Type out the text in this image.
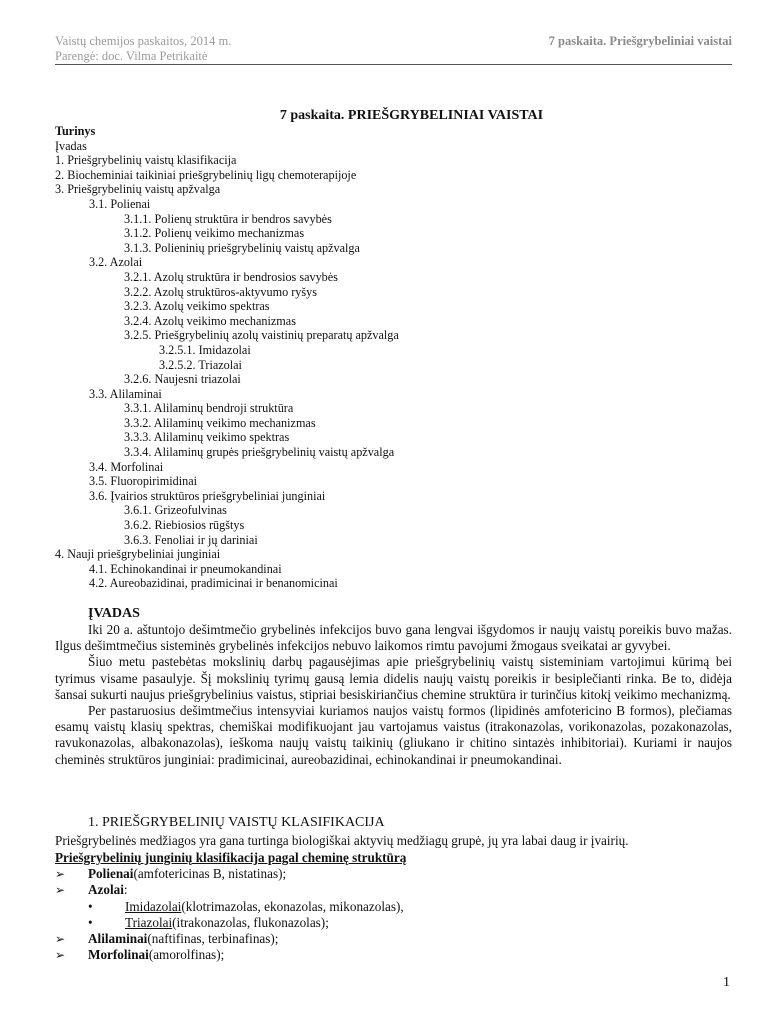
Vaistų chemijos paskaitos, 2014 m.
Parengė: doc. Vilma Petrikaitė
7 paskaita. Priešgrybeliniai vaistai
7 paskaita. PRIEŠGRYBELINIAI VAISTAI
Turinys
Įvadas
1. Priešgrybelinių vaistų klasifikacija
2. Biocheminiai taikiniai priešgrybelinių ligų chemoterapijoje
3. Priešgrybelinių vaistų apžvalga
3.1. Polienai
3.1.1. Polienų struktūra ir bendros savybės
3.1.2. Polienų veikimo mechanizmas
3.1.3. Polieninių priešgrybelinių vaistų apžvalga
3.2. Azolai
3.2.1. Azolų struktūra ir bendrosios savybės
3.2.2. Azolų struktūros-aktyvumo ryšys
3.2.3. Azolų veikimo spektras
3.2.4. Azolų veikimo mechanizmas
3.2.5. Priešgrybelinių azolų vaistinių preparatų apžvalga
3.2.5.1. Imidazolai
3.2.5.2. Triazolai
3.2.6. Naujesni triazolai
3.3. Alilaminai
3.3.1. Alilaminų bendroji struktūra
3.3.2. Alilaminų veikimo mechanizmas
3.3.3. Alilaminų veikimo spektras
3.3.4. Alilaminų grupės priešgrybelinių vaistų apžvalga
3.4. Morfolinai
3.5. Fluoropirimidinai
3.6. Įvairios struktūros priešgrybeliniai junginiai
3.6.1. Grizeofulvinas
3.6.2. Riebiosios rūgštys
3.6.3. Fenoliai ir jų dariniai
4. Nauji priešgrybeliniai junginiai
4.1. Echinokandinai ir pneumokandinai
4.2. Aureobazidinai, pradimicinai ir benanomicinai
ĮVADAS

Iki 20 a. aštuntojo dešimtmečio grybelinės infekcijos buvo gana lengvai išgydomos ir naujų vaistų poreikis buvo mažas. Ilgus dešimtmečius sisteminės grybelinės infekcijos nebuvo laikomos rimtu pavojumi žmogaus sveikatai ar gyvybei.

Šiuo metu pastebėtas mokslinių darbų pagausėjimas apie priešgrybelinių vaistų sisteminiam vartojimui kūrimą bei tyrimus visame pasaulyje. Šį mokslinių tyrimų gausą lemia didelis naujų vaistų poreikis ir besiplečianti rinka. Be to, didėja šansai sukurti naujus priešgrybelinius vaistus, stipriai besiskiriančius chemine struktūra ir turinčius kitokį veikimo mechanizmą.

Per pastaruosius dešimtmečius intensyviai kuriamos naujos vaistų formos (lipidinės amfotericino B formos), plečiamas esamų vaistų klasių spektras, chemiškai modifikuojant jau vartojamus vaistus (itrakonazolas, vorikonazolas, pozakonazolas, ravukonazolas, albakonazolas), ieškoma naujų vaistų taikinių (gliukano ir chitino sintazės inhibitoriai). Kuriami ir naujos cheminės struktūros junginiai: pradimicinai, aureobazidinai, echinokandinai ir pneumokandinai.

1. PRIEŠGRYBELINIŲ VAISTŲ KLASIFIKACIJA
Priešgrybelinės medžiagos yra gana turtinga biologiškai aktyvių medžiagų grupė, jų yra labai daug ir įvairių.
Priešgrybelinių junginių klasifikacija pagal cheminę struktūrą
➢	Polienai (amfotericinas B, nistatinas);
➢	Azolai :
•	Imidazolai (klotrimazolas, ekonazolas, mikonazolas),
•	Triazolai (itrakonazolas, flukonazolas);
➢	Alilaminai (naftifinas, terbinafinas);
➢	Morfolinai (amorolfinas);
1
